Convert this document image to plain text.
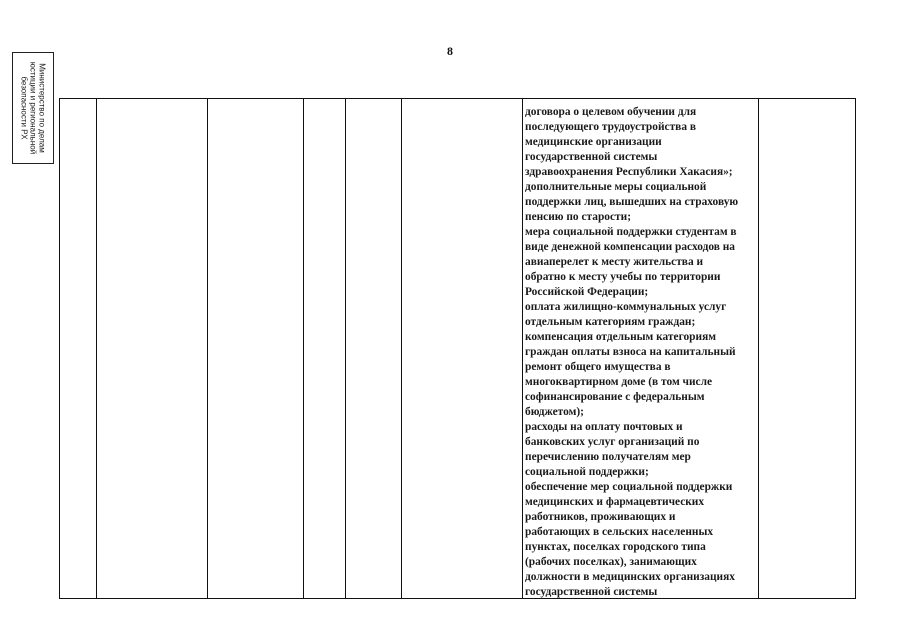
8
Министерство по делам
юстиции и региональной
безопасности РХ
договора о целевом обучении для
последующего трудоустройства в
медицинские организации
государственной системы
здравоохранения Республики Хакасия»;
дополнительные меры социальной
поддержки лиц, вышедших на страховую
пенсию по старости;
мера социальной поддержки студентам в
виде денежной компенсации расходов на
авиаперелет к месту жительства и
обратно к месту учебы по территории
Российской Федерации;
оплата жилищно-коммунальных услуг
отдельным категориям граждан;
компенсация отдельным категориям
граждан оплаты взноса на капитальный
ремонт общего имущества в
многоквартирном доме (в том числе
софинансирование с федеральным
бюджетом);
расходы на оплату почтовых и
банковских услуг организаций по
перечислению получателям мер
социальной поддержки;
обеспечение мер социальной поддержки
медицинских и фармацевтических
работников, проживающих и
работающих в сельских населенных
пунктах, поселках городского типа
(рабочих поселках), занимающих
должности в медицинских организациях
государственной системы
